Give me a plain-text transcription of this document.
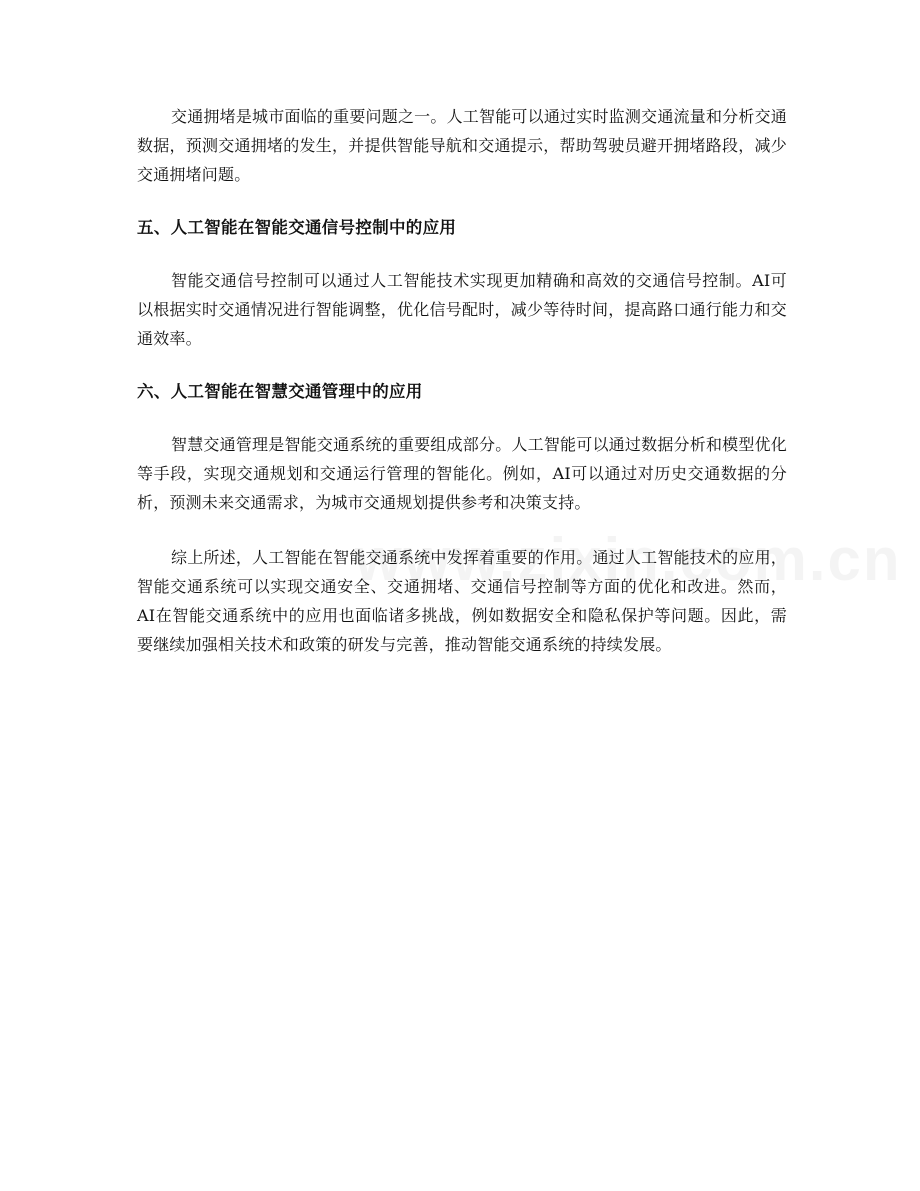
交通拥堵是城市面临的重要问题之一。人工智能可以通过实时监测交通流量和分析交通数据，预测交通拥堵的发生，并提供智能导航和交通提示，帮助驾驶员避开拥堵路段，减少交通拥堵问题。

五、人工智能在智能交通信号控制中的应用

智能交通信号控制可以通过人工智能技术实现更加精确和高效的交通信号控制。AI可以根据实时交通情况进行智能调整，优化信号配时，减少等待时间，提高路口通行能力和交通效率。

六、人工智能在智慧交通管理中的应用

智慧交通管理是智能交通系统的重要组成部分。人工智能可以通过数据分析和模型优化等手段，实现交通规划和交通运行管理的智能化。例如，AI可以通过对历史交通数据的分析，预测未来交通需求，为城市交通规划提供参考和决策支持。

综上所述，人工智能在智能交通系统中发挥着重要的作用。通过人工智能技术的应用，智能交通系统可以实现交通安全、交通拥堵、交通信号控制等方面的优化和改进。然而，AI在智能交通系统中的应用也面临诸多挑战，例如数据安全和隐私保护等问题。因此，需要继续加强相关技术和政策的研发与完善，推动智能交通系统的持续发展。
